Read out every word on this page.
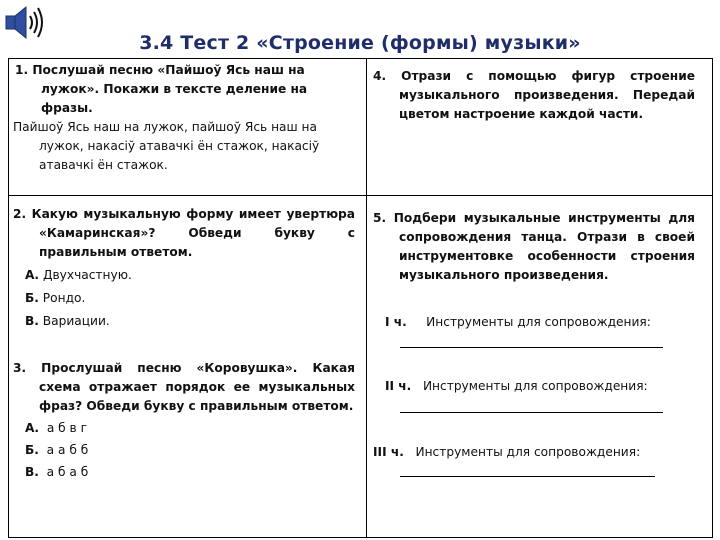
3.4 Тест 2 «Строение (формы) музыки»
1. Послушай песню «Пайшоў Ясь наш на лужок». Покажи в тексте деление на фразы.
Пайшоў Ясь наш на лужок, пайшоў Ясь наш на лужок, накасіў атавачкі ён стажок, накасіў атавачкі ён стажок.
2. Какую музыкальную форму имеет увертюра «Камаринская»? Обведи букву с правильным ответом.
А. Двухчастную.
Б. Рондо.
В. Вариации.
3. Прослушай песню «Коровушка». Какая схема отражает порядок ее музыкальных фраз? Обведи букву с правильным ответом.
А. а б в г
Б. а а б б
В. а б а б
4. Отрази с помощью фигур строение музыкального произведения. Передай цветом настроение каждой части.
5. Подбери музыкальные инструменты для сопровождения танца. Отрази в своей инструментовке особенности строения музыкального произведения.
I ч. Инструменты для сопровождения:
II ч. Инструменты для сопровождения:
III ч. Инструменты для сопровождения:
